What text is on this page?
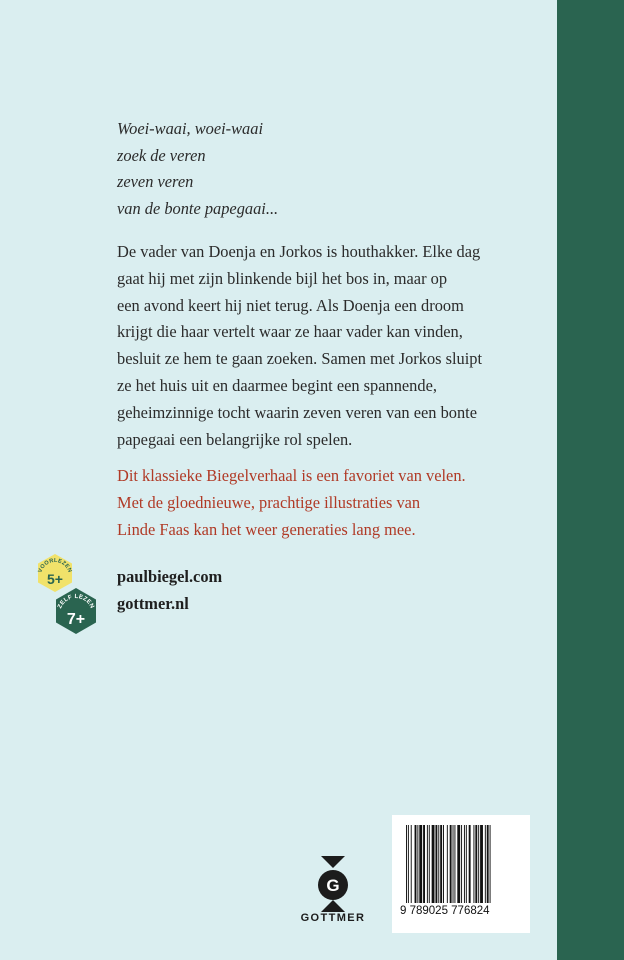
Woei-waai, woei-waai
zoek de veren
zeven veren
van de bonte papegaai...
De vader van Doenja en Jorkos is houthakker. Elke dag
gaat hij met zijn blinkende bijl het bos in, maar op
een avond keert hij niet terug. Als Doenja een droom
krijgt die haar vertelt waar ze haar vader kan vinden,
besluit ze hem te gaan zoeken. Samen met Jorkos sluipt
ze het huis uit en daarmee begint een spannende,
geheimzinnige tocht waarin zeven veren van een bonte
papegaai een belangrijke rol spelen.
Dit klassieke Biegelverhaal is een favoriet van velen.
Met de gloednieuwe, prachtige illustraties van
Linde Faas kan het weer generaties lang mee.
VOORLEZEN
5+
ZELF LEZEN
7+
paulbiegel.com
gottmer.nl
9 789025 776824
G
GOTTMER
